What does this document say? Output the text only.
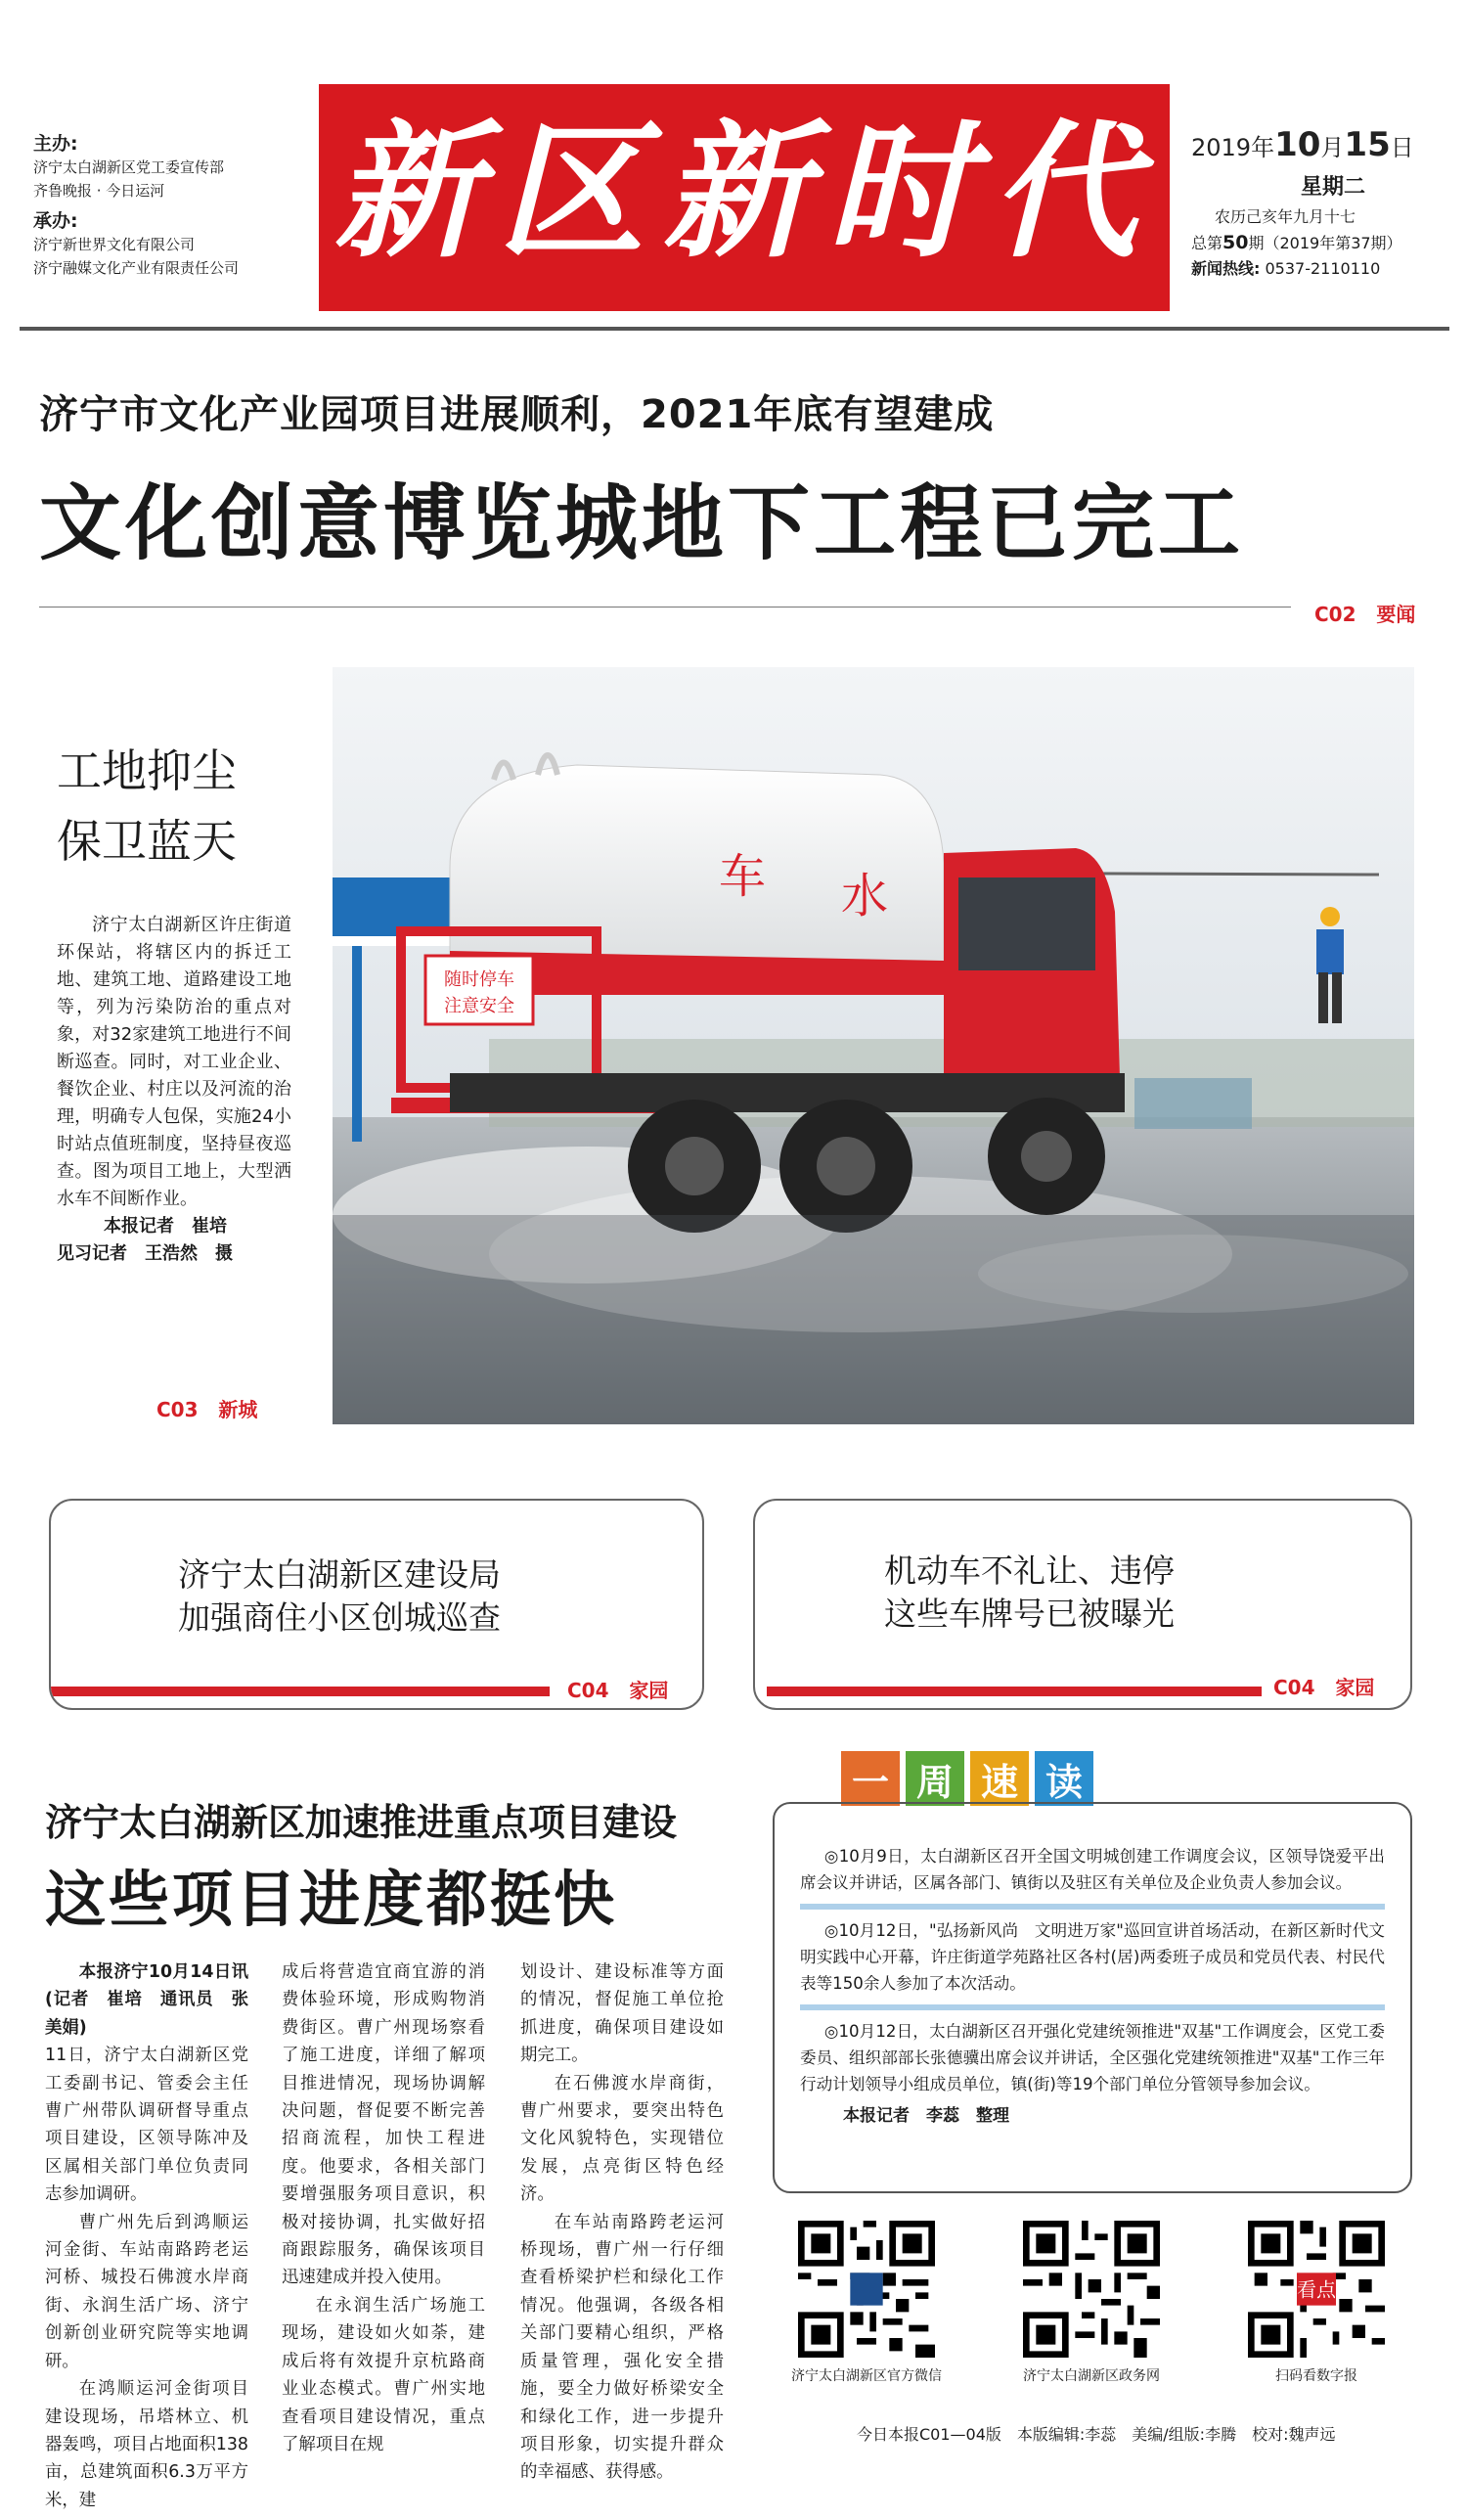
主办:
济宁太白湖新区党工委宣传部
齐鲁晚报 · 今日运河
承办:
济宁新世界文化有限公司
济宁融媒文化产业有限责任公司 新区新时代	2019年10月15日
星期二
农历己亥年九月十七
总第50期（2019年第37期）
新闻热线: 0537-2110110
济宁市文化产业园项目进展顺利，2021年底有望建成
文化创意博览城地下工程已完工
C02 要闻
工地抑尘
保卫蓝天
济宁太白湖新区许庄街道环保站，将辖区内的拆迁工地、建筑工地、道路建设工地等，列为污染防治的重点对象，对32家建筑工地进行不间断巡查。同时，对工业企业、餐饮企业、村庄以及河流的治理，明确专人包保，实施24小时站点值班制度，坚持昼夜巡查。图为项目工地上，大型洒水车不间断作业。
本报记者　崔培
见习记者　王浩然　摄
C03 新城
车 水
随时停车
注意安全
济宁太白湖新区建设局
加强商住小区创城巡查
C04 家园
机动车不礼让、违停
这些车牌号已被曝光
C04 家园
济宁太白湖新区加速推进重点项目建设
这些项目进度都挺快
本报济宁10月14日讯(记者　崔培　通讯员　张美娟)

11日，济宁太白湖新区党工委副书记、管委会主任曹广州带队调研督导重点项目建设，区领导陈冲及区属相关部门单位负责同志参加调研。

曹广州先后到鸿顺运河金街、车站南路跨老运河桥、城投石佛渡水岸商街、永润生活广场、济宁创新创业研究院等实地调研。

在鸿顺运河金街项目建设现场，吊塔林立、机器轰鸣，项目占地面积138亩，总建筑面积6.3万平方米，建

成后将营造宜商宜游的消费体验环境，形成购物消费街区。曹广州现场察看了施工进度，详细了解项目推进情况，现场协调解决问题，督促要不断完善招商流程，加快工程进度。他要求，各相关部门要增强服务项目意识，积极对接协调，扎实做好招商跟踪服务，确保该项目迅速建成并投入使用。

在永润生活广场施工现场，建设如火如荼，建成后将有效提升京杭路商业业态模式。曹广州实地查看项目建设情况，重点了解项目在规

划设计、建设标准等方面的情况，督促施工单位抢抓进度，确保项目建设如期完工。

在石佛渡水岸商街，曹广州要求，要突出特色文化风貌特色，实现错位发展，点亮街区特色经济。

在车站南路跨老运河桥现场，曹广州一行仔细查看桥梁护栏和绿化工作情况。他强调，各级各相关部门要精心组织，严格质量管理，强化安全措施，要全力做好桥梁安全和绿化工作，进一步提升项目形象，切实提升群众的幸福感、获得感。

一 周 速 读

◎10月9日，太白湖新区召开全国文明城创建工作调度会议，区领导饶爱平出席会议并讲话，区属各部门、镇街以及驻区有关单位及企业负责人参加会议。

◎10月12日，"弘扬新风尚　文明进万家"巡回宣讲首场活动，在新区新时代文明实践中心开幕，许庄街道学苑路社区各村(居)两委班子成员和党员代表、村民代表等150余人参加了本次活动。

◎10月12日，太白湖新区召开强化党建统领推进"双基"工作调度会，区党工委委员、组织部部长张德骥出席会议并讲话，全区强化党建统领推进"双基"工作三年行动计划领导小组成员单位，镇(街)等19个部门单位分管领导参加会议。

本报记者　李蕊　整理
济宁太白湖新区官方微信	济宁太白湖新区政务网
看点
扫码看数字报
今日本报C01—04版　本版编辑:李蕊　美编/组版:李腾　校对:魏声远
